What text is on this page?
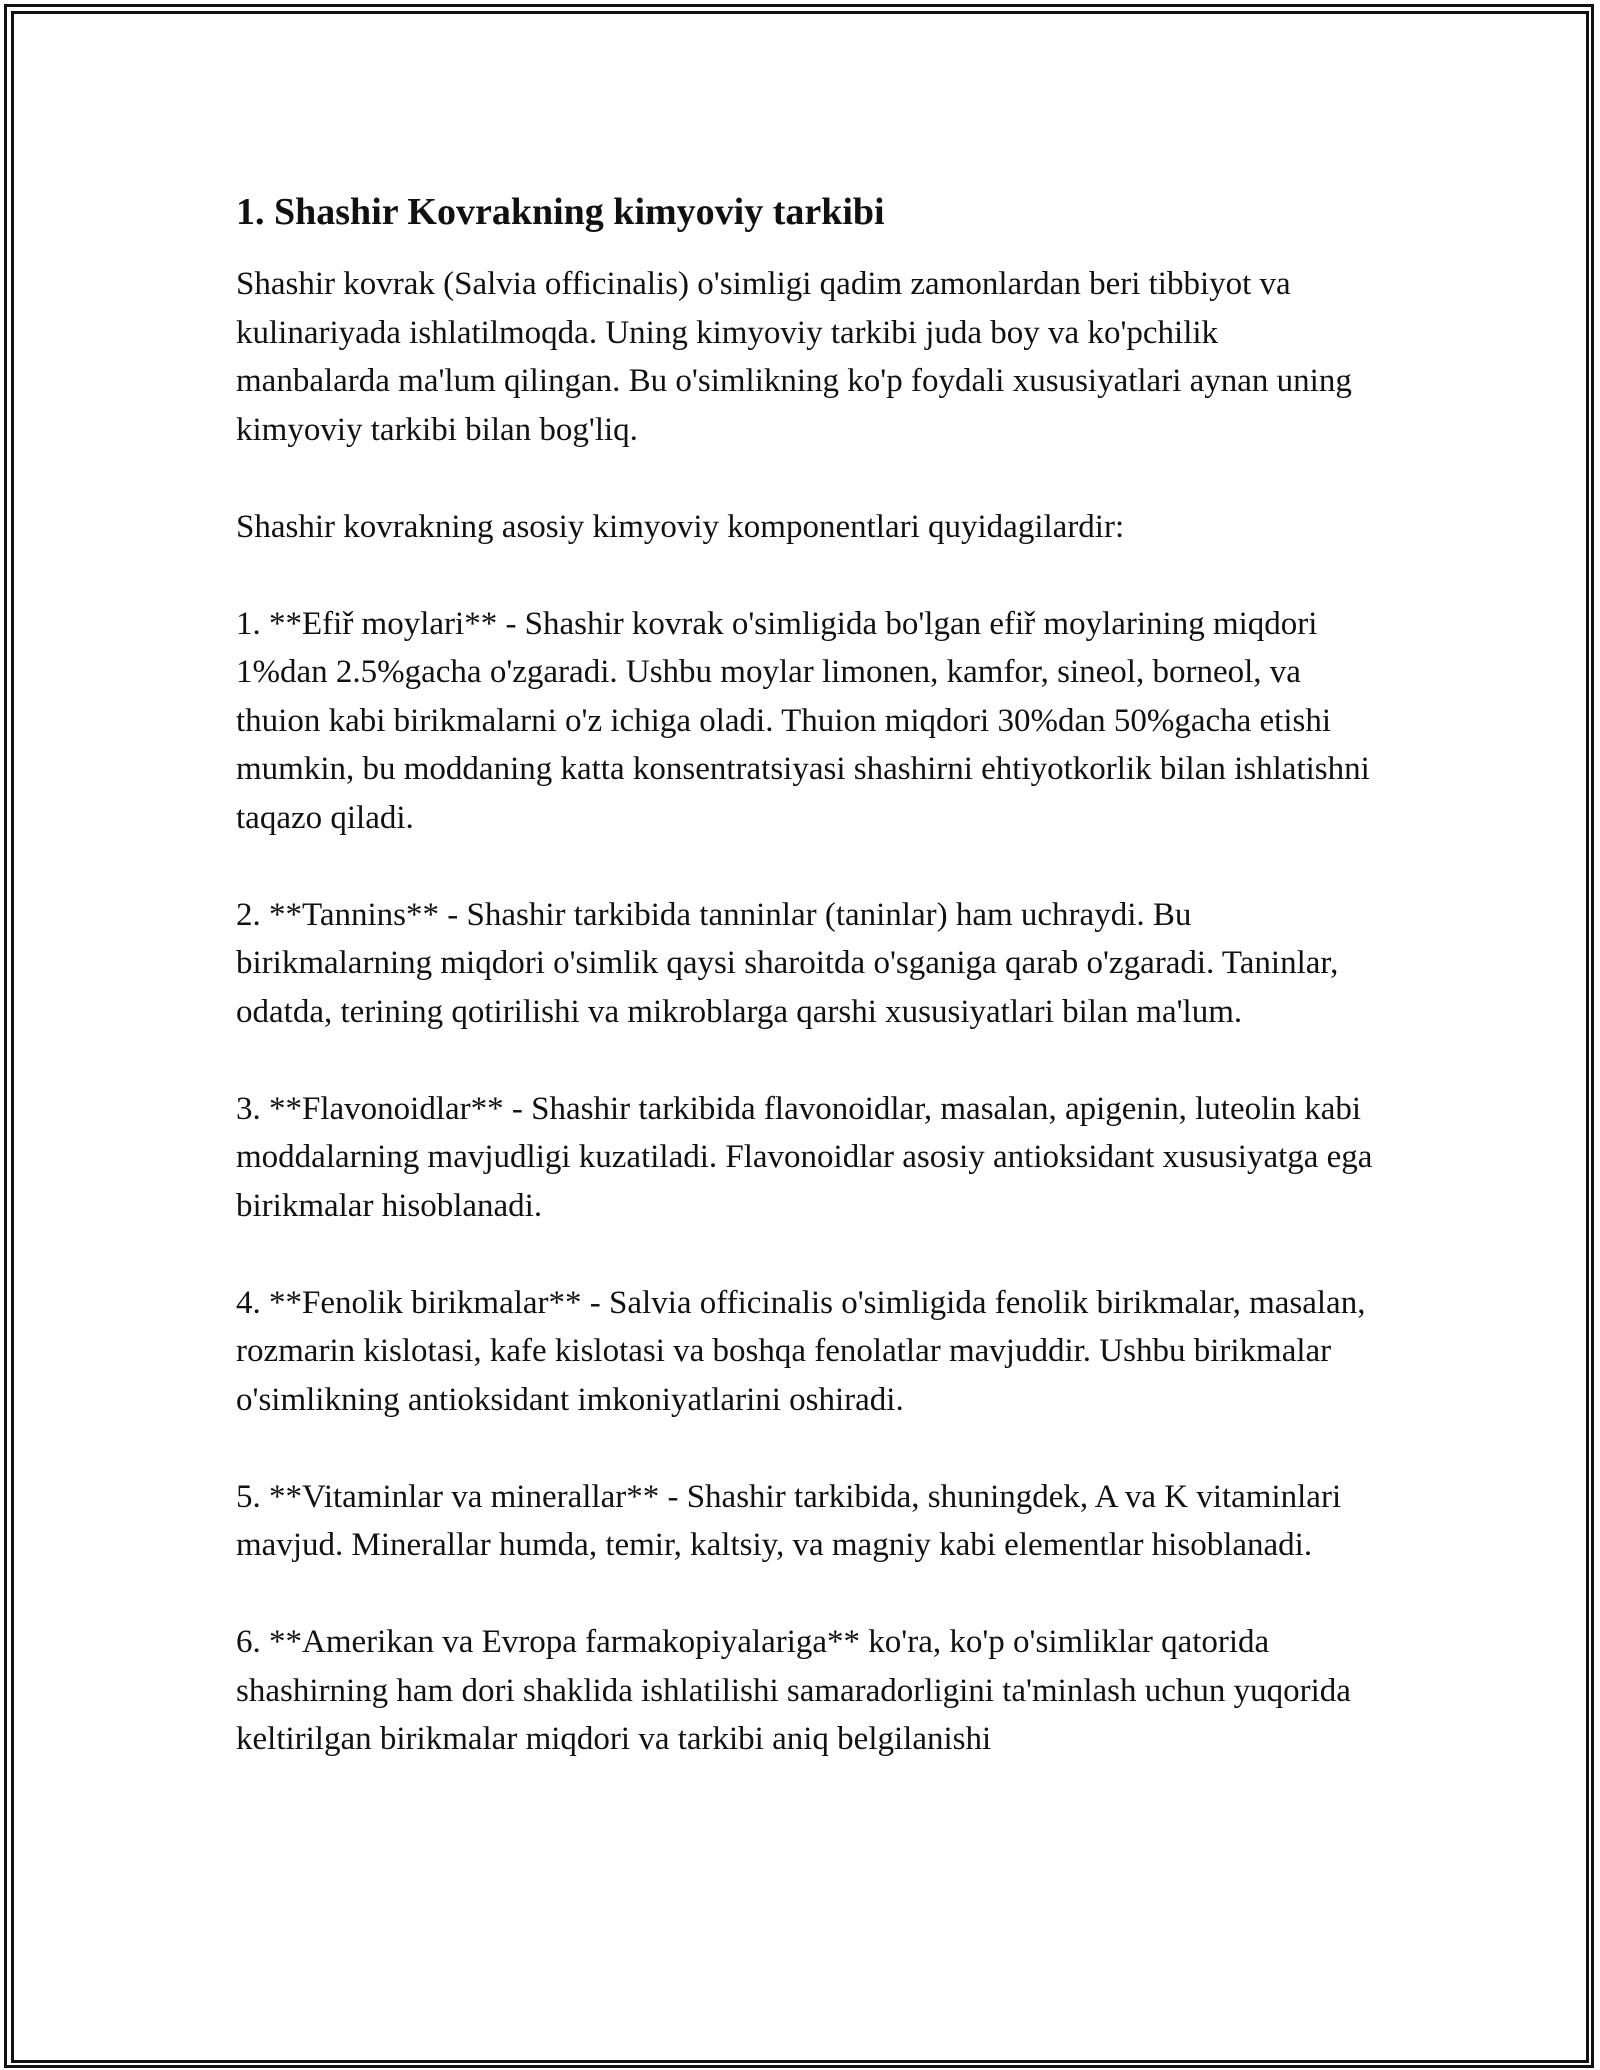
1. Shashir Kovrakning kimyoviy tarkibi

Shashir kovrak (Salvia officinalis) o'simligi qadim zamonlardan beri tibbiyot va kulinariyada ishlatilmoqda. Uning kimyoviy tarkibi juda boy va ko'pchilik manbalarda ma'lum qilingan. Bu o'simlikning ko'p foydali xususiyatlari aynan uning kimyoviy tarkibi bilan bog'liq.

Shashir kovrakning asosiy kimyoviy komponentlari quyidagilardir:

1. **Efiř moylari** - Shashir kovrak o'simligida bo'lgan efiř moylarining miqdori 1%dan 2.5%gacha o'zgaradi. Ushbu moylar limonen, kamfor, sineol, borneol, va thuion kabi birikmalarni o'z ichiga oladi. Thuion miqdori 30%dan 50%gacha etishi mumkin, bu moddaning katta konsentratsiyasi shashirni ehtiyotkorlik bilan ishlatishni taqazo qiladi.

2. **Tannins** - Shashir tarkibida tanninlar (taninlar) ham uchraydi. Bu birikmalarning miqdori o'simlik qaysi sharoitda o'sganiga qarab o'zgaradi. Taninlar, odatda, terining qotirilishi va mikroblarga qarshi xususiyatlari bilan ma'lum.

3. **Flavonoidlar** - Shashir tarkibida flavonoidlar, masalan, apigenin, luteolin kabi moddalarning mavjudligi kuzatiladi. Flavonoidlar asosiy antioksidant xususiyatga ega birikmalar hisoblanadi.

4. **Fenolik birikmalar** - Salvia officinalis o'simligida fenolik birikmalar, masalan, rozmarin kislotasi, kafe kislotasi va boshqa fenolatlar mavjuddir. Ushbu birikmalar o'simlikning antioksidant imkoniyatlarini oshiradi.

5. **Vitaminlar va minerallar** - Shashir tarkibida, shuningdek, A va K vitaminlari mavjud. Minerallar humda, temir, kaltsiy, va magniy kabi elementlar hisoblanadi.

6. **Amerikan va Evropa farmakopiyalariga** ko'ra, ko'p o'simliklar qatorida shashirning ham dori shaklida ishlatilishi samaradorligini ta'minlash uchun yuqorida keltirilgan birikmalar miqdori va tarkibi aniq belgilanishi
